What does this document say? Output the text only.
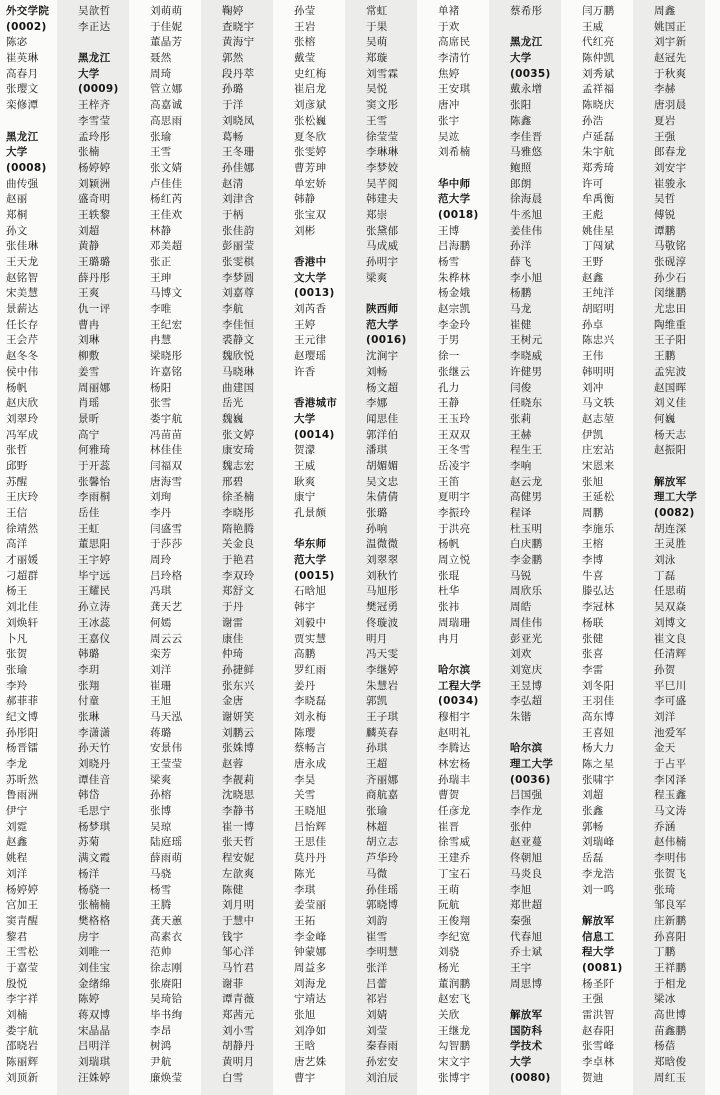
外交学院
(0002)
陈宓
崔英琳
高春月
张璎文
栾修潭
黑龙江
大学
(0008)
曲传强
赵丽
郑桐
孙文
张佳琳
王天龙
赵铭智
宋美慧
景薪达
任长存
王会芹
赵冬冬
侯中伟
杨帆
赵庆欣
刘翠玲
冯军成
张哲
邱野
苏醒
王庆玲
王信
徐靖然
高洋
才丽媛
刁超群
杨王
刘北佳
刘焕轩
卜凡
张贺
张瑜
李羚
郝菲菲
纪文博
孙彤阳
杨晋镭
李龙
苏昕然
鲁雨洲
伊宁
刘霓
赵鑫
姚程
刘洋
杨婷婷
宫加王
窦青醒
黎君
王雪松
于嘉莹
殷悦
李宇祥
刘楠
娄宇航
邵晓岩
陈丽辉
刘顶新
吴歆哲
李正达
黑龙江
大学
(0009)
王梓齐
李雪莹
孟玲彤
张楠
杨婷婷
刘颖洲
盛奇明
王轶黎
刘超
黄静
王璐璐
薛丹彤
王爽
仇一评
曹冉
刘琳
柳敷
姜雪
周丽娜
肖瑶
景昕
高宁
何雅琦
于开蕊
张馨怡
李雨桐
岳佳
王虹
董思阳
王宇婷
毕宁远
王耀民
孙立涛
王冰蕊
王嘉仪
韩璐
李玥
张翔
付童
张琳
李潇潇
孙天竹
刘晓丹
谭佳音
韩岱
毛思宁
杨梦琪
苏菊
满文霞
杨洋
杨骁一
张楠楠
樊格格
房宇
刘唯一
刘佳宝
金绪绵
陈婷
蒋双博
宋晶晶
吕明洋
刘瑞琪
汪姝婷
刘萌萌
于佳妮
董晶芳
聂然
周琦
管立娜
高嘉诚
高思雨
张瑜
王雪
张文婧
卢佳佳
杨红芮
王佳欢
林静
邓美超
张正
王珅
马博文
李唯
王纪宏
冉慧
梁晓彤
许嘉铭
杨阳
张雪
娄宇航
冯苗苗
林佳佳
闫福双
唐海雪
刘珣
李丹
闫盛雪
于莎莎
周玲
吕玲格
冯琪
龚天艺
何嫣
周云云
栾芳
刘洋
崔珊
王旭
马天泓
蒋璐
安景伟
王莹莹
梁爽
孙榕
张博
吴琼
陆庭瑶
薛雨萌
马骁
杨雪
王腾
龚天蕙
高素衣
范帅
徐志刚
张赓阳
吴琦铪
毕书绚
李昂
树鸿
尹航
廉焕莹
鞠婷
查晓宇
黄海宁
郭然
段丹萃
孙璐
于洋
刘晓凤
葛畅
王冬珊
孙佳娜
赵清
刘津含
于柄
张佳韵
彭丽莹
张雯棋
李梦圆
刘嘉尊
李航
李佳恒
裘静文
魏欣悦
马晓琳
曲建国
岳光
魏巍
张文婷
康安琦
魏志宏
邢碧
徐圣楠
李晓彤
隋艳腾
关金良
于艳君
李双玲
郑舒文
于丹
谢雷
康佳
仲琦
孙捷鲜
张东兴
金唐
谢妍笑
刘鹏云
张姝博
赵蓉
李靓莉
沈晓思
李静书
崔一博
张天哲
程安妮
左歆爽
陈健
刘月明
于慧中
钱宇
邹心洋
马竹君
谢菲
谭青薇
郑茜元
刘小雪
胡静丹
黄明月
白雪
孙莹
王岩
张榕
戴莹
史红梅
崔启龙
刘彦斌
张松巍
夏冬欣
张雯婷
曹芳珅
单宏娇
韩静
张宝双
刘彬
香港中
文大学
(0013)
刘芮香
王婷
王元律
赵璎瑶
许香
香港城市
大学
(0014)
贺濛
王威
耿爽
康宁
孔景颇
华东师
范大学
(0015)
石晗旭
韩宇
刘毅中
贾实慧
高鹏
罗红雨
姜丹
李晓磊
刘永梅
陈璎
蔡畅言
唐永成
李昊
关雪
王晓旭
吕怡辉
王思佳
莫丹丹
陈光
李琪
姜莹丽
王拓
李金峰
钟蒙娜
周益多
刘海龙
宁靖达
张旭
刘净如
王晗
唐艺姝
曹宇
常虹
于果
吴萌
郑璇
刘雪霖
吴悦
窦文彤
王雪
徐莹莹
李琳琳
李梦姣
吴芊阅
韩建夫
郑崇
张黛郁
马成威
孙明宇
梁爽
陕西师
范大学
(0016)
沈涧宇
刘畅
杨文超
李娜
闻思佳
郭洋伯
潘琪
胡媚媚
吴文忠
朱倩倩
张璐
孙响
温微微
刘翠翠
刘秋竹
马旭彤
樊冠勇
佟璇波
明月
冯天雯
李继婷
朱慧岩
郭凯
王子琪
麟英春
孙琪
王超
齐丽娜
商航嘉
张瑜
林超
胡立志
芦华玲
马微
孙佳瑶
郭晓博
刘韵
崔雪
李明慧
张洋
吕蕾
祁岩
刘婧
刘莹
秦春雨
孙宏安
刘泊辰
单褚
于欢
高席民
李清竹
焦婷
王安琪
唐冲
张宇
吴竑
刘希楠
华中师
范大学
(0018)
王博
吕海鹏
杨雪
朱桦林
杨金娥
赵宗凯
李金玲
于男
徐一
张继云
孔力
王静
王玉玲
王双双
王冬雪
岳凌宇
王笛
夏明宇
李振玲
于洪亮
杨帆
周立悦
张琨
杜华
张祎
周瑞珊
冉月
哈尔滨
工程大学
(0034)
穆相宇
赵明礼
李腾达
林宏杨
孙瑞丰
曹贺
任彦龙
崔晋
徐雪威
王建乔
丁宝石
王萌
阮航
王俊翔
李纪宽
刘骁
杨光
董润鹏
赵宏飞
关欣
王继龙
勾智鹏
宋文宇
张博宇
蔡希彤
黑龙江
大学
(0035)
戴永增
张阳
陈鑫
李佳晋
马雅悠
鲍照
郎朗
徐海晨
牛丞旭
姜佳伟
孙洋
薛飞
李小旭
杨鹏
马龙
崔健
王树元
李晓威
许健男
闫俊
任晓东
张莉
王赫
程生王
李响
赵云龙
高健男
程译
杜玉明
白庆鹏
李金鹏
马锐
周欣乐
周皓
周佳伟
彭亚光
刘欢
刘宽庆
王昱博
李弘超
朱锴
哈尔滨
理工大学
(0036)
吕国强
李作龙
张仲
赵亚蔓
佟朝旭
马炎良
李旭
郑世超
秦强
代春旭
乔士斌
王宇
周思博
解放军
国防科
学技术
大学
(0080)
闫万鹏
王威
代红亮
陈仲凯
刘秀斌
孟祥福
陈晓庆
孙浩
卢延磊
朱宇航
郑秀琦
许可
牟禹衡
王彪
姚佳星
丁闯斌
王野
赵鑫
王纯洋
胡昭明
孙卓
陈忠兴
王伟
韩明明
刘冲
马文轶
赵志堃
伊凯
庄宏站
宋恩来
张旭
王延松
周鹏
李施乐
王榕
李博
牛喜
滕弘达
李冠林
杨联
张健
张喜
李雷
刘冬阳
王羽佳
高东博
王喜妞
杨大力
陈之星
张啸宇
刘超
张鑫
郭畅
刘瑞峰
岳磊
李龙浩
刘一鸣
解放军
信息工
程大学
(0081)
杨圣阡
王强
雷洪智
赵春阳
张雪峰
李卓林
贺迪
周鑫
姚国正
刘宇新
赵冠先
于秋爽
李赫
唐羽晨
夏岩
王强
郎春龙
刘安宇
崔骏永
吴哲
傅锐
谭鹏
马敬铭
张砚淳
孙少石
闵继鹏
尤忠田
陶维重
王子阳
王鹏
孟宪波
赵国晖
刘义佳
何巍
杨天志
赵振阳
解放军
理工大学
(0082)
胡连深
王灵胜
刘泳
丁磊
任思萌
吴双焱
刘博文
崔文良
任清辉
孙贺
平巳川
李可盛
刘洋
池爱军
金天
于占平
李冈泽
程玉鑫
马文涛
乔涵
赵伟楠
李明伟
张贺飞
张琦
邹良军
庄新鹏
孙喜阳
丁鹏
王祥鹏
于相龙
梁冰
高世博
苗鑫鹏
杨蓓
郑晗俊
周红玉
